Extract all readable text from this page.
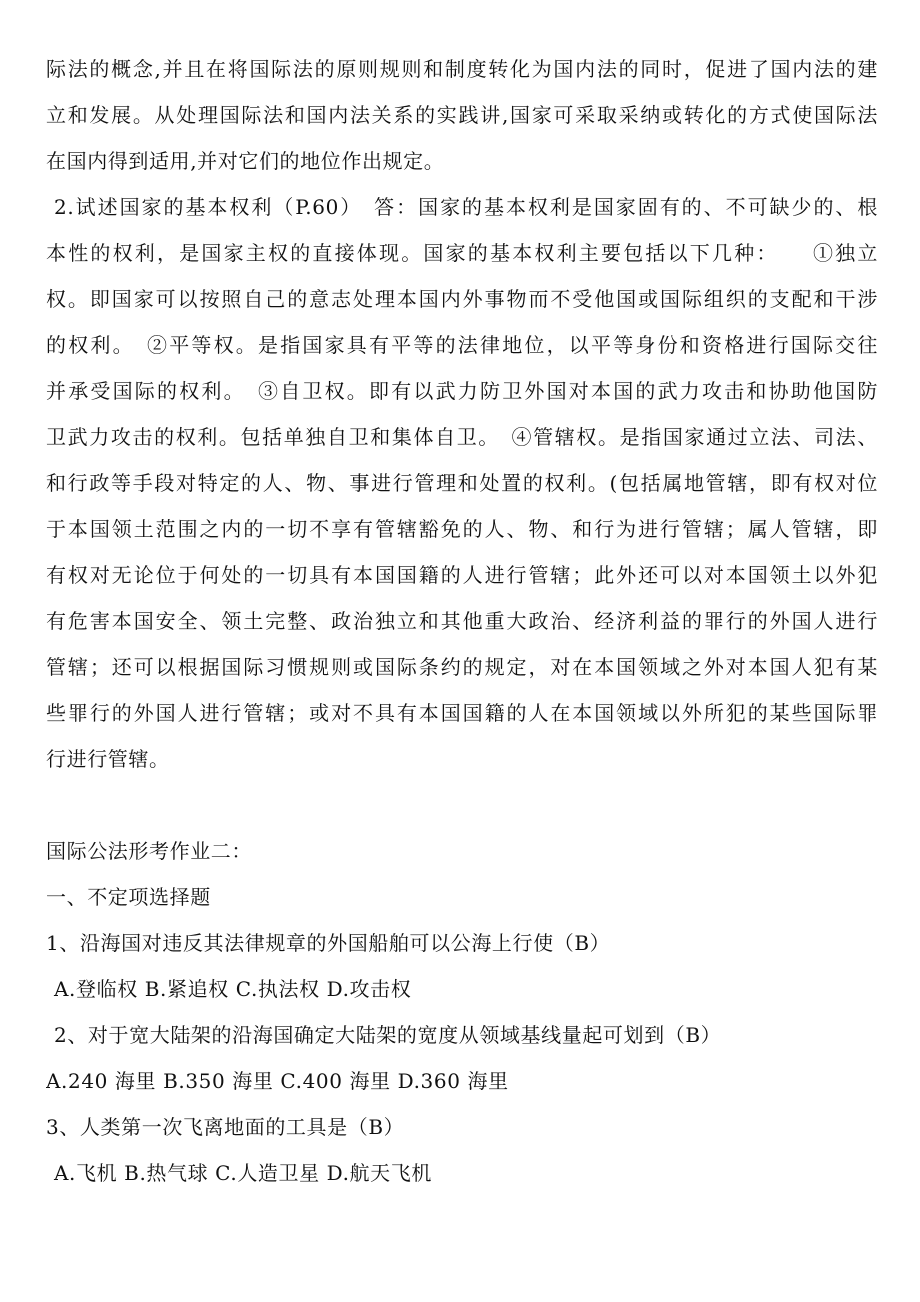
际法的概念,并且在将国际法的原则规则和制度转化为国内法的同时，促进了国内法的建
立和发展。从处理国际法和国内法关系的实践讲,国家可采取采纳或转化的方式使国际法
在国内得到适用,并对它们的地位作出规定。
2.试述国家的基本权利（P.60）　答：国家的基本权利是国家固有的、不可缺少的、根
本性的权利，是国家主权的直接体现。国家的基本权利主要包括以下几种：　　①独立
权。即国家可以按照自己的意志处理本国内外事物而不受他国或国际组织的支配和干涉
的权利。　②平等权。是指国家具有平等的法律地位，以平等身份和资格进行国际交往
并承受国际的权利。　③自卫权。即有以武力防卫外国对本国的武力攻击和协助他国防
卫武力攻击的权利。包括单独自卫和集体自卫。　④管辖权。是指国家通过立法、司法、
和行政等手段对特定的人、物、事进行管理和处置的权利。(包括属地管辖，即有权对位
于本国领土范围之内的一切不享有管辖豁免的人、物、和行为进行管辖；属人管辖，即
有权对无论位于何处的一切具有本国国籍的人进行管辖；此外还可以对本国领土以外犯
有危害本国安全、领土完整、政治独立和其他重大政治、经济利益的罪行的外国人进行
管辖；还可以根据国际习惯规则或国际条约的规定，对在本国领域之外对本国人犯有某
些罪行的外国人进行管辖；或对不具有本国国籍的人在本国领域以外所犯的某些国际罪
行进行管辖。
国际公法形考作业二：
一、不定项选择题
1、沿海国对违反其法律规章的外国船舶可以公海上行使（B）
A.登临权 B.紧追权 C.执法权 D.攻击权
2、对于宽大陆架的沿海国确定大陆架的宽度从领域基线量起可划到（B）
A.240 海里 B.350 海里 C.400 海里 D.360 海里
3、人类第一次飞离地面的工具是（B）
A.飞机 B.热气球 C.人造卫星 D.航天飞机
